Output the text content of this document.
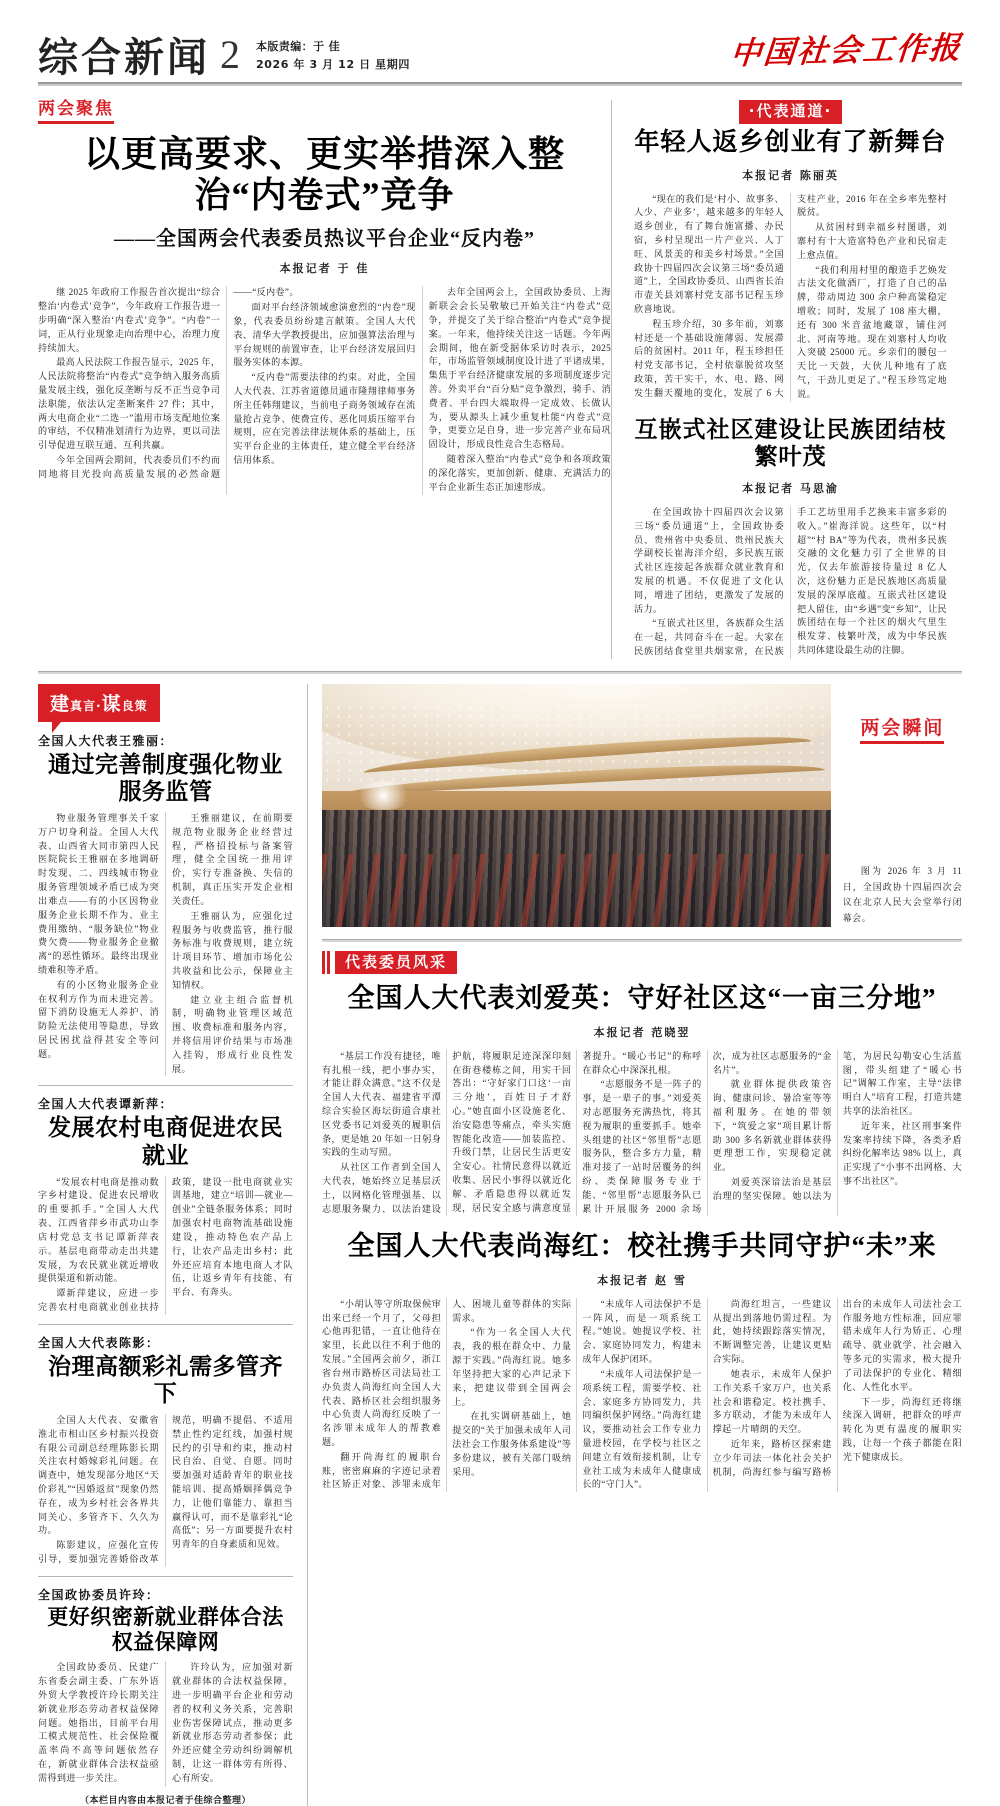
综合新闻 2 本版责编：于 佳
2026 年 3 月 12 日 星期四	中国社会工作报
两会聚焦
以更高要求、更实举措深入整治“内卷式”竞争
——全国两会代表委员热议平台企业“反内卷”
本报记者 于 佳

继 2025 年政府工作报告首次提出“综合整治‘内卷式’竞争”，今年政府工作报告进一步明确“深入整治‘内卷式’竞争”。“内卷”一词，正从行业现象走向治理中心，治理力度持续加大。

最高人民法院工作报告显示，2025 年，人民法院将整治“内卷式”竞争纳入服务高质量发展主线，强化反垄断与反不正当竞争司法职能，依法认定垄断案件 27 件；其中，两大电商企业“二选一”滥用市场支配地位案的审结，不仅精准划清行为边界，更以司法引导促进互联互通、互利共赢。

今年全国两会期间，代表委员们不约而同地将目光投向高质量发展的必然命题——“反内卷”。

面对平台经济领域愈演愈烈的“内卷”现象，代表委员纷纷建言献策。全国人大代表、清华大学教授提出，应加强算法治理与平台规则的前置审查，让平台经济发展回归服务实体的本源。

“反内卷”需要法律的约束。对此，全国人大代表、江苏省道德员通市隆翔律师事务所主任韩翔建议，当前电子商务领域存在流量抢占竞争、使费宣传、恶化同质压缩平台规则，应在完善法律法规体系的基础上，压实平台企业的主体责任，建立健全平台经济信用体系。

去年全国两会上，全国政协委员、上海新联会会长吴敬敏已开始关注“内卷式”竞争，并提交了关于综合整治“内卷式”竞争提案。一年来，他持续关注这一话题。今年两会期间，他在新受据体采访时表示，2025 年，市场监管领域制度设计进了平诸成果，集焦于平台经济健康发展的多项制度逐步完善。外卖平台“百分贴”竞争激烈，骑手、消费者、平台四大端取得一定成效、长做认为，要从源头上减少重复杜能“内卷式”竞争，更要立足自身，进一步完善产业布局巩固设计，形成良性竞合生态格局。

随着深入整治“内卷式”竞争和各项政策的深化落实，更加创新、健康、充满活力的平台企业新生态正加速形成。

·代表通道·
年轻人返乡创业有了新舞台
本报记者 陈丽英

“现在的我们是‘村小、故事多、人少、产业多’，越来越多的年轻人返乡创业，有了舞台施富播、办民宿，乡村呈现出一片产业兴、人丁旺、风景美的和美乡村场景。”全国政协十四届四次会议第三场“委员通道”上，全国政协委员、山西省长治市壶关县刘寨村党支部书记程玉珍欣喜地说。

程玉珍介绍，30 多年前，刘寨村还是一个基础设施薄弱、发展滞后的贫困村。2011 年，程玉珍担任村党支部书记，全村依靠脱贫攻坚政策，苦干实干，水、电、路、网发生翻天覆地的变化，发展了 6 大支柱产业，2016 年在全乡率先整村脱贫。

从贫困村到幸福乡村图谱，刘寨村有十大造富特色产业和民宿走上愈点值。

“我们利用村里的酿造手艺焕发古法文化做酒厂，打造了自己的品牌，带动周边 300 余户种高粱稳定增收；同时，发展了 108 座大棚，还有 300 米音盆地藏罩，铺住河北、河南等地。现在刘寨村人均收入突破 25000 元。乡亲们的腰包一天比一天鼓，大伙儿种地有了底气，干劲儿更足了。”程玉珍笃定地说。

互嵌式社区建设让民族团结枝繁叶茂
本报记者 马思渝

在全国政协十四届四次会议第三场“委员通道”上，全国政协委员、贵州省中央委员、贵州民族大学副校长崔海洋介绍，多民族互嵌式社区连接起各族群众就业教育和发展的机遇。不仅促进了文化认同，增进了团结，更激发了发展的活力。

“互嵌式社区里，各族群众生活在一起，共同奋斗在一起。大家在民族团结食堂里共烟家常，在民族手工艺坊里用手艺换来丰富多彩的收入。”崔海洋说。这些年，以“村超”“村 BA”等为代表，贵州多民族交融的文化魅力引了全世界的目光，仅去年旅游接待量过 8 亿人次，这份魅力正是民族地区高质量发展的深厚底蕴。互嵌式社区建设把人留住，由“乡遇”变“乡知”，让民族团结在每一个社区的烟火气里生根发芽、枝繁叶茂，成为中华民族共同体建设最生动的注脚。

建真言·谋良策
全国人大代表王雅丽：
通过完善制度强化物业服务监管

物业服务管理事关千家万户切身利益。全国人大代表、山西省大同市第四人民医院院长王雅丽在多地调研时发现、二、四线城市物业服务管理领域矛盾已成为突出难点——有的小区因物业服务企业长期不作为、业主费用缴纳、“服务缺位”物业费欠费——物业服务企业撤离“的恶性循环。最终出现业绩难积等矛盾。

有的小区物业服务企业在权利方作为而未进完善。留下消防设施无人养护、消防险无法使用等隐患，导致居民困扰益得甚安全等问题。

王雅丽建议，在前期要规范物业服务企业经营过程，严格招投标与备案管理，健全全国统一推用评价，实行专准备换、失信的机制，真正压实开发企业相关责任。

王雅丽认为，应强化过程服务与收费监管，推行服务标准与收费规则，建立统计项目环节、增加市场化公共收益和比公示，保障业主知情权。

建立业主组合监督机制，明确物业管理区域范围、收费标准和服务内容，并将信用评价结果与市场准入挂钩，形成行业良性发展。

全国人大代表谭新萍：
发展农村电商促进农民就业

“发展农村电商是推动数字乡村建设、促进农民增收的重要抓手。”全国人大代表、江西省萍乡市武功山李店村党总支书记谭新萍表示。基层电商带动走出共建发展，为农民就业就近增收提供渠道和新动能。

谭新萍建议，应进一步完善农村电商就业创业扶持政策，建设一批电商就业实训基地，建立“培训—就业—创业”全链条服务体系；同时加强农村电商物流基础设施建设，推动特色农产品上行，让农产品走出乡村；此外还应培育本地电商人才队伍，让返乡青年有技能、有平台、有奔头。

全国人大代表陈影：
治理高额彩礼需多管齐下

全国人大代表、安徽省淮北市相山区乡村振兴投资有限公司副总经理陈影长期关注农村婚嫁彩礼问题。在调查中，她发现部分地区“天价彩礼”“因婚返贫”现象仍然存在，成为乡村社会各界共同关心、多管齐下、久久为功。

陈影建议，应强化宣传引导，要加强完善婚俗改革规范，明确不提倡、不适用禁止性约定红线，加强村规民约的引导和约束，推动村民自治、自觉、自愿。同时要加强对适龄青年的职业技能培训、提高婚姻择偶竞争力，让他们靠能力、靠担当赢得认可，而不是靠彩礼“论高低”；另一方面要提升农村男青年的自身素质和见效。

全国政协委员许玲：
更好织密新就业群体合法权益保障网

全国政协委员、民建广东省委会副主委、广东外语外贸大学教授许玲长期关注新就业形态劳动者权益保障问题。她指出，目前平台用工模式规范性、社会保险覆盖率尚不高等问题依然存在，新就业群体合法权益亟需得到进一步关注。

许玲认为，应加强对新就业群体的合法权益保障，进一步明确平台企业和劳动者的权利义务关系，完善职业伤害保障试点，推动更多新就业形态劳动者参保；此外还应健全劳动纠纷调解机制，让这一群体劳有所得、心有所安。

（本栏目内容由本报记者于佳综合整理）
两会瞬间
图为 2026 年 3 月 11 日，全国政协十四届四次会议在北京人民大会堂举行闭幕会。
代表委员风采
全国人大代表刘爱英：守好社区这“一亩三分地”
本报记者 范晓翌

“基层工作没有捷径，唯有扎根一线，把小事办实，才能让群众满意。”这不仅是全国人大代表、福建省平潭综合实验区海坛街道合康社区党委书记刘爱英的履职信条，更是她 20 年如一日躬身实践的生动写照。

从社区工作者到全国人大代表，她始终立足基层沃土，以网格化管理强基、以志愿服务聚力、以法治建设护航，将履职足迹深深印刻在街巷楼栋之间，用实干回答出：“守好家门口这‘一亩三分地’，百姓日子才舒心。”她直面小区设施老化、治安隐患等痛点，牵头实施智能化改造——加装监控、升级门禁，让居民生活更安全安心。社情民意得以就近收集、居民小事得以就近化解、矛盾隐患得以就近发现，居民安全感与满意度显著提升。“暖心书记”的称呼在群众心中深深扎根。

“志愿服务不是一阵子的事，是一辈子的事。”刘爱英对志愿服务充满热忱，将其视为履职的重要抓手。她牵头组建的社区“邻里帮”志愿服务队，整合多方力量，精准对接了一站时居覆务的纠纷、类保障服务专业于能、“邻里帮”志愿服务队已累计开展服务 2000 余场次，成为社区志愿服务的“金名片”。

就业群体提供政策咨询、健康问诊、暑洽室等等福利服务。在她的带领下，“筑爱之家”项目累计帮助 300 多名新就业群体获得更理想工作，实现稳定就业。

刘爱英深谙法治是基层治理的坚实保障。她以法为笔，为居民勾勒安心生活蓝图，带头组建了“暖心书记”调解工作室，主导“法律明白人”培育工程，打造共建共享的法治社区。

近年来，社区刑事案件发案率持续下降，各类矛盾纠纷化解率达 98% 以上，真正实现了“小事不出网格、大事不出社区”。

全国人大代表尚海红：校社携手共同守护“未”来
本报记者 赵 雪

“小胡认等守所取保候审出来已经一个月了，父母担心他再犯错，一直让他待在家里，长此以往不利于他的发展。”全国两会前夕，浙江省台州市路桥区司法局社工办负责人尚海红向全国人大代表、路桥区社会组织服务中心负责人尚海红反映了一名涉罪未成年人的帮教难题。

翻开尚海红的履职台账，密密麻麻的字迹记录着社区矫正对象、涉罪未成年人、困境儿童等群体的实际需求。

“作为一名全国人大代表，我的根在群众中、力量源于实践。”尚海红说。她多年坚持把大家的心声记录下来，把建议带到全国两会上。

在扎实调研基础上，她提交的“关于加强未成年人司法社会工作服务体系建设”等多份建议，被有关部门吸纳采用。

“未成年人司法保护不是一阵风，而是一项系统工程。”她说。她提议学校、社会、家庭协同发力，构建未成年人保护闭环。

“未成年人司法保护是一项系统工程，需要学校、社会、家庭多方协同发力，共同编织保护网络。”尚海红建议，要推动社会工作专业力量进校园，在学校与社区之间建立有效衔接机制，让专业社工成为未成年人健康成长的“守门人”。

尚海红坦言，一些建议从提出到落地仍需过程。为此，她持续跟踪落实情况，不断调整完善，让建议更贴合实际。

她表示，未成年人保护工作关系千家万户，也关系社会和谐稳定。校社携手、多方联动，才能为未成年人撑起一片晴朗的天空。

近年来，路桥区探索建立少年司法一体化社会关护机制，尚海红参与编写路桥出台的未成年人司法社会工作服务地方性标准，回应罪错未成年人行为矫正、心理疏导、就业就学、社会融入等多元的实需求，极大提升了司法保护的专业化、精细化、人性化水平。

下一步，尚海红还将继续深入调研，把群众的呼声转化为更有温度的履职实践，让每一个孩子都能在阳光下健康成长。
